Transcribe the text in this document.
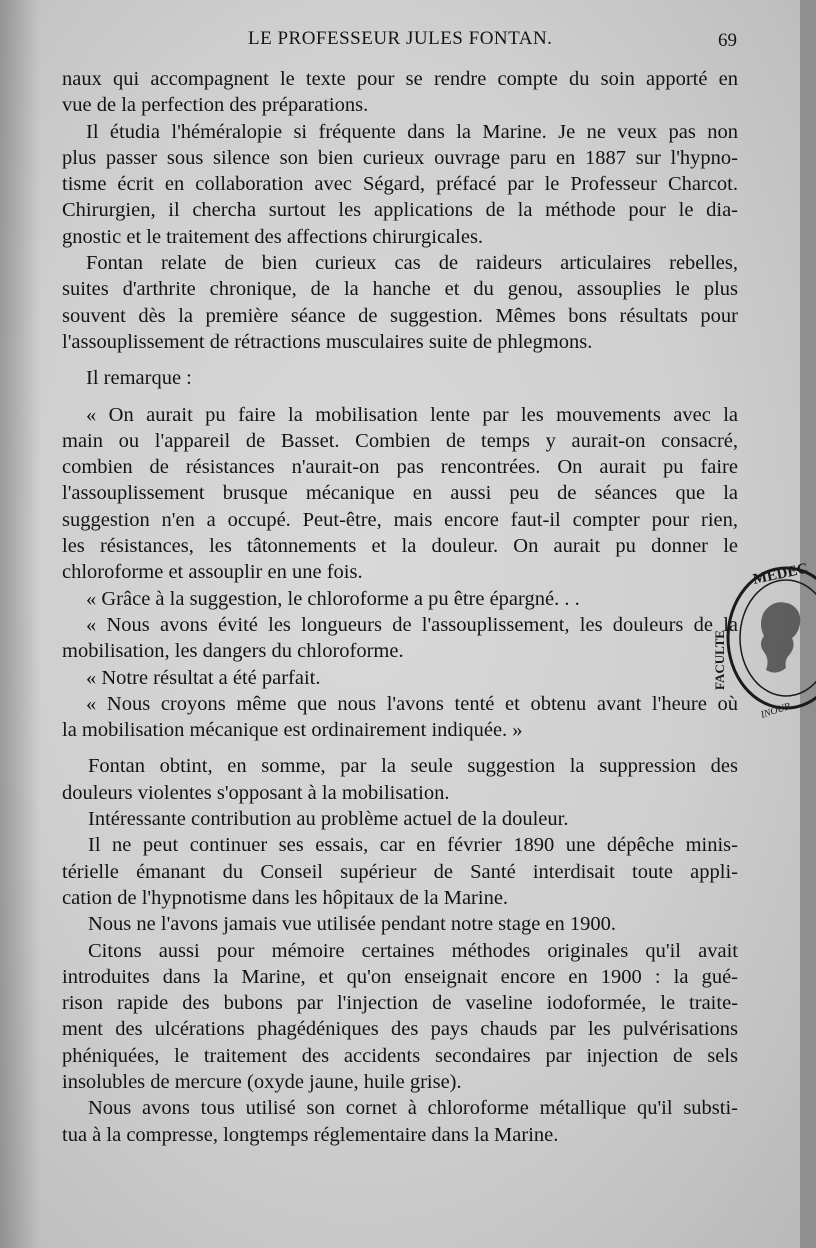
LE PROFESSEUR JULES FONTAN.	69
naux qui accompagnent le texte pour se rendre compte du soin apporté en
vue de la perfection des préparations.
Il étudia l'héméralopie si fréquente dans la Marine. Je ne veux pas non
plus passer sous silence son bien curieux ouvrage paru en 1887 sur l'hypno-
tisme écrit en collaboration avec Ségard, préfacé par le Professeur Charcot.
Chirurgien, il chercha surtout les applications de la méthode pour le dia-
gnostic et le traitement des affections chirurgicales.
Fontan relate de bien curieux cas de raideurs articulaires rebelles,
suites d'arthrite chronique, de la hanche et du genou, assouplies le plus
souvent dès la première séance de suggestion. Mêmes bons résultats pour
l'assouplissement de rétractions musculaires suite de phlegmons.
Il remarque :
« On aurait pu faire la mobilisation lente par les mouvements avec la
main ou l'appareil de Basset. Combien de temps y aurait-on consacré,
combien de résistances n'aurait-on pas rencontrées. On aurait pu faire
l'assouplissement brusque mécanique en aussi peu de séances que la
suggestion n'en a occupé. Peut-être, mais encore faut-il compter pour rien,
les résistances, les tâtonnements et la douleur. On aurait pu donner le
chloroforme et assouplir en une fois.
« Grâce à la suggestion, le chloroforme a pu être épargné. . .
« Nous avons évité les longueurs de l'assouplissement, les douleurs de la
mobilisation, les dangers du chloroforme.
« Notre résultat a été parfait.
« Nous croyons même que nous l'avons tenté et obtenu avant l'heure où
la mobilisation mécanique est ordinairement indiquée. »
Fontan obtint, en somme, par la seule suggestion la suppression des
douleurs violentes s'opposant à la mobilisation.
Intéressante contribution au problème actuel de la douleur.
Il ne peut continuer ses essais, car en février 1890 une dépêche minis-
térielle émanant du Conseil supérieur de Santé interdisait toute appli-
cation de l'hypnotisme dans les hôpitaux de la Marine.
Nous ne l'avons jamais vue utilisée pendant notre stage en 1900.
Citons aussi pour mémoire certaines méthodes originales qu'il avait
introduites dans la Marine, et qu'on enseignait encore en 1900 : la gué-
rison rapide des bubons par l'injection de vaseline iodoformée, le traite-
ment des ulcérations phagédéniques des pays chauds par les pulvérisations
phéniquées, le traitement des accidents secondaires par injection de sels
insolubles de mercure (oxyde jaune, huile grise).
Nous avons tous utilisé son cornet à chloroforme métallique qu'il substi-
tua à la compresse, longtemps réglementaire dans la Marine.
MEDEC
FACULTE
INOUR
